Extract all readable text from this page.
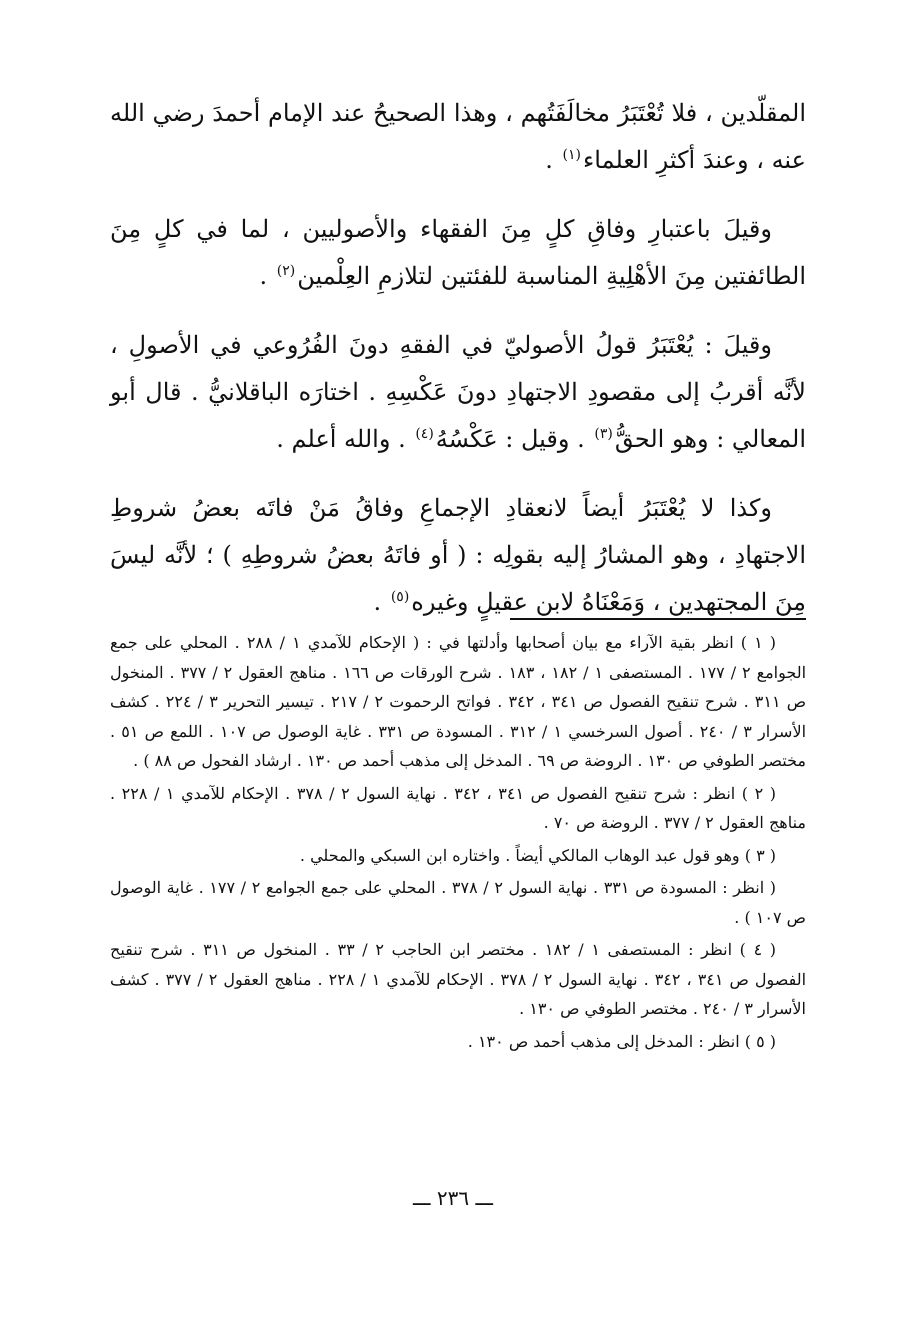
المقلّدين ، فلا تُعْتَبَرُ مخالَفَتُهم ، وهذا الصحيحُ عند الإمام أحمدَ رضي الله عنه ، وعندَ أكثرِ العلماء$^{(١)}$ .

وقيلَ باعتبارِ وفاقِ كلٍ مِنَ الفقهاء والأصوليين ، لما في كلٍ مِنَ الطائفتين مِنَ الأهْلِيةِ المناسبة للفئتين لتلازمِ العِلْمين$^{(٢)}$ .

وقيلَ : يُعْتَبَرُ قولُ الأصوليّ في الفقهِ دونَ الفُرُوعي في الأصولِ ، لأنَّه أقربُ إلى مقصودِ الاجتهادِ دونَ عَكْسِهِ . اختارَه الباقلانيُّ . قال أبو المعالي : وهو الحقُّ$^{(٣)}$ . وقيل : عَكْسُهُ$^{(٤)}$ . والله أعلم .

وكذا لا يُعْتَبَرُ أيضاً لانعقادِ الإجماعِ وفاقُ مَنْ فاتَه بعضُ شروطِ الاجتهادِ ، وهو المشارُ إليه بقولِه : ( أو فاتَهُ بعضُ شروطِهِ ) ؛ لأنَّه ليسَ مِنَ المجتهدين ، وَمَعْنَاهُ لابن عقيلٍ وغيره$^{(٥)}$ .

( ١ ) انظر بقية الآراء مع بيان أصحابها وأدلتها في : ( الإحكام للآمدي ١ / ٢٨٨ . المحلي على جمع الجوامع ٢ / ١٧٧ . المستصفى ١ / ١٨٢ ، ١٨٣ . شرح الورقات ص ١٦٦ . مناهج العقول ٢ / ٣٧٧ . المنخول ص ٣١١ . شرح تنقيح الفصول ص ٣٤١ ، ٣٤٢ . فواتح الرحموت ٢ / ٢١٧ . تيسير التحرير ٣ / ٢٢٤ . كشف الأسرار ٣ / ٢٤٠ . أصول السرخسي ١ / ٣١٢ . المسودة ص ٣٣١ . غاية الوصول ص ١٠٧ . اللمع ص ٥١ . مختصر الطوفي ص ١٣٠ . الروضة ص ٦٩ . المدخل إلى مذهب أحمد ص ١٣٠ . ارشاد الفحول ص ٨٨ ) .

( ٢ ) انظر : شرح تنقيح الفصول ص ٣٤١ ، ٣٤٢ . نهاية السول ٢ / ٣٧٨ . الإحكام للآمدي ١ / ٢٢٨ . مناهج العقول ٢ / ٣٧٧ . الروضة ص ٧٠ .

( ٣ ) وهو قول عبد الوهاب المالكي أيضاً . واختاره ابن السبكي والمحلي .

( انظر : المسودة ص ٣٣١ . نهاية السول ٢ / ٣٧٨ . المحلي على جمع الجوامع ٢ / ١٧٧ . غاية الوصول ص ١٠٧ ) .

( ٤ ) انظر : المستصفى ١ / ١٨٢ . مختصر ابن الحاجب ٢ / ٣٣ . المنخول ص ٣١١ . شرح تنقيح الفصول ص ٣٤١ ، ٣٤٢ . نهاية السول ٢ / ٣٧٨ . الإحكام للآمدي ١ / ٢٢٨ . مناهج العقول ٢ / ٣٧٧ . كشف الأسرار ٣ / ٢٤٠ . مختصر الطوفي ص ١٣٠ .

( ٥ ) انظر : المدخل إلى مذهب أحمد ص ١٣٠ .

ـــ ٢٣٦ ـــ
